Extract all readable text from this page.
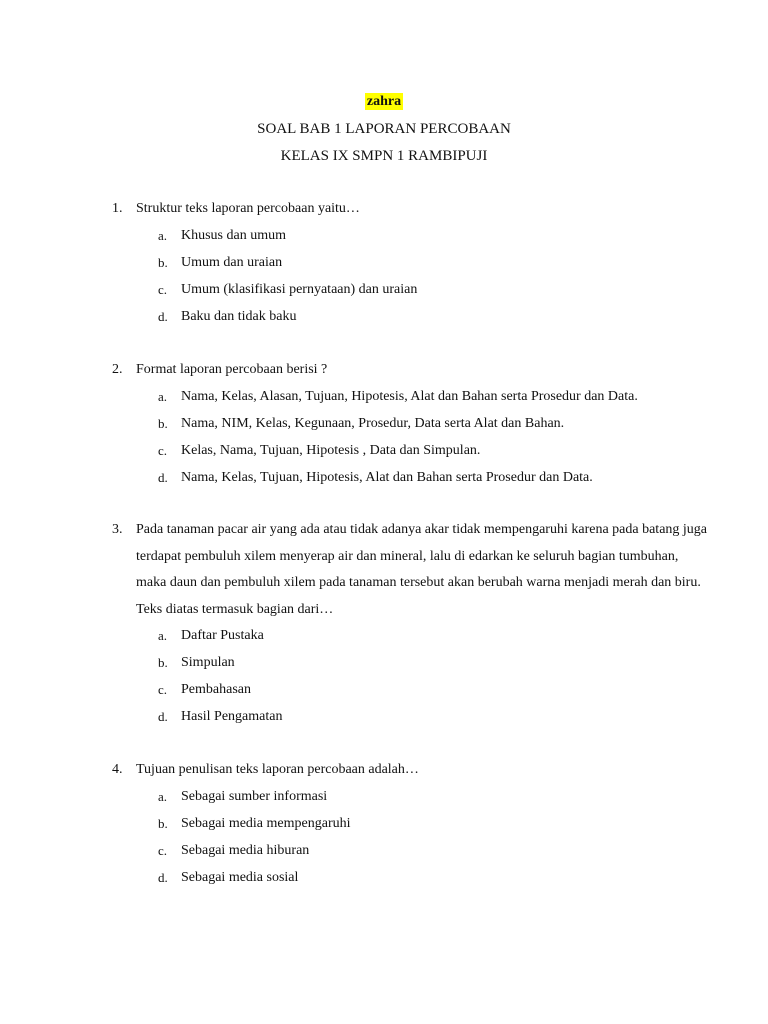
zahra
SOAL BAB 1 LAPORAN PERCOBAAN
KELAS IX SMPN 1 RAMBIPUJI
1. Struktur teks laporan percobaan yaitu…
a. Khusus dan umum
b. Umum dan uraian
c. Umum (klasifikasi pernyataan) dan uraian
d. Baku dan tidak baku
2. Format laporan percobaan berisi ?
a. Nama, Kelas, Alasan, Tujuan, Hipotesis, Alat dan Bahan serta Prosedur dan Data.
b. Nama, NIM, Kelas, Kegunaan, Prosedur, Data serta Alat dan Bahan.
c. Kelas, Nama, Tujuan, Hipotesis , Data dan Simpulan.
d. Nama, Kelas, Tujuan, Hipotesis, Alat dan Bahan serta Prosedur dan Data.
3. Pada tanaman pacar air yang ada atau tidak adanya akar tidak mempengaruhi karena pada batang juga terdapat pembuluh xilem menyerap air dan mineral, lalu di edarkan ke seluruh bagian tumbuhan, maka daun dan pembuluh xilem pada tanaman tersebut akan berubah warna menjadi merah dan biru. Teks diatas termasuk bagian dari…
a. Daftar Pustaka
b. Simpulan
c. Pembahasan
d. Hasil Pengamatan
4. Tujuan penulisan teks laporan percobaan adalah…
a. Sebagai sumber informasi
b. Sebagai media mempengaruhi
c. Sebagai media hiburan
d. Sebagai media sosial
